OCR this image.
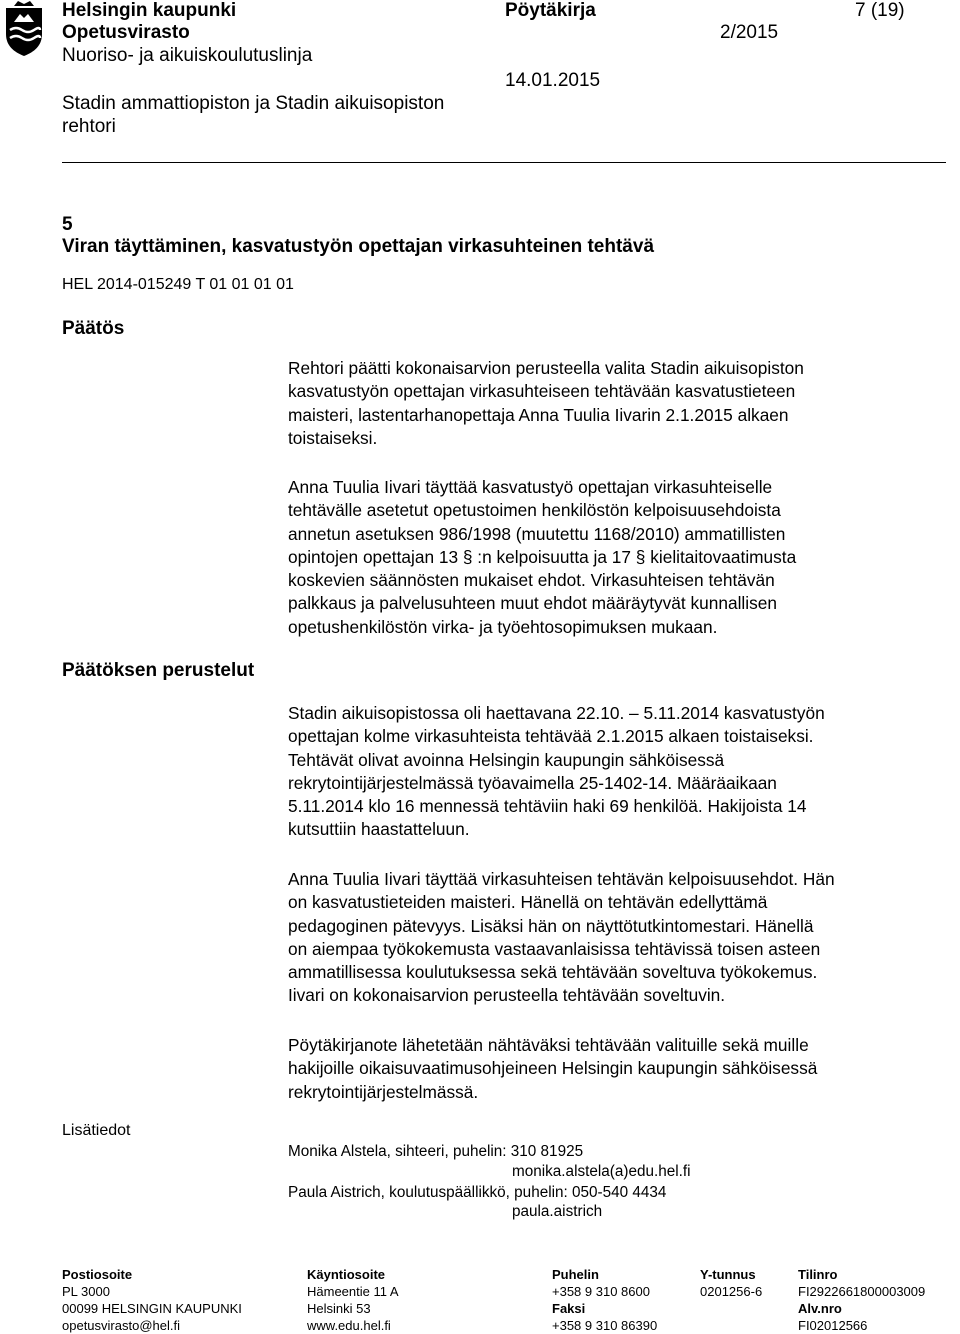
Helsingin kaupunki
Opetusvirasto
Nuoriso- ja aikuiskoulutuslinja
Stadin ammattiopiston ja Stadin aikuisopiston
rehtori
Pöytäkirja
2/2015
14.01.2015
7 (19)
5
Viran täyttäminen, kasvatustyön opettajan virkasuhteinen tehtävä
HEL 2014-015249 T 01 01 01 01
Päätös
Päätöksen perustelut
Lisätiedot

Rehtori päätti kokonaisarvion perusteella valita Stadin aikuisopiston
kasvatustyön opettajan virkasuhteiseen tehtävään kasvatustieteen
maisteri, lastentarhanopettaja Anna Tuulia Iivarin 2.1.2015 alkaen
toistaiseksi.

Anna Tuulia Iivari täyttää kasvatustyö opettajan virkasuhteiselle
tehtävälle asetetut opetustoimen henkilöstön kelpoisuusehdoista
annetun asetuksen 986/1998 (muutettu 1168/2010) ammatillisten
opintojen opettajan 13 § :n kelpoisuutta ja 17 § kielitaitovaatimusta
koskevien säännösten mukaiset ehdot. Virkasuhteisen tehtävän
palkkaus ja palvelusuhteen muut ehdot määräytyvät kunnallisen
opetushenkilöstön virka- ja työehtosopimuksen mukaan.

Stadin aikuisopistossa oli haettavana 22.10. – 5.11.2014 kasvatustyön
opettajan kolme virkasuhteista tehtävää 2.1.2015 alkaen toistaiseksi.
Tehtävät olivat avoinna Helsingin kaupungin sähköisessä
rekrytointijärjestelmässä työavaimella 25-1402-14. Määräaikaan
5.11.2014 klo 16 mennessä tehtäviin haki 69 henkilöä. Hakijoista 14
kutsuttiin haastatteluun.

Anna Tuulia Iivari täyttää virkasuhteisen tehtävän kelpoisuusehdot. Hän
on kasvatustieteiden maisteri. Hänellä on tehtävän edellyttämä
pedagoginen pätevyys. Lisäksi hän on näyttötutkintomestari. Hänellä
on aiempaa työkokemusta vastaavanlaisissa tehtävissä toisen asteen
ammatillisessa koulutuksessa sekä tehtävään soveltuva työkokemus.
Iivari on kokonaisarvion perusteella tehtävään soveltuvin.

Pöytäkirjanote lähetetään nähtäväksi tehtävään valituille sekä muille
hakijoille oikaisuvaatimusohjeineen Helsingin kaupungin sähköisessä
rekrytointijärjestelmässä.

Monika Alstela, sihteeri, puhelin: 310 81925
monika.alstela(a)edu.hel.fi
Paula Aistrich, koulutuspäällikkö, puhelin: 050-540 4434
paula.aistrich
Postiosoite
PL 3000
00099 HELSINGIN KAUPUNKI
opetusvirasto@hel.fi
Käyntiosoite
Hämeentie 11 A
Helsinki 53
www.edu.hel.fi
Puhelin
+358 9 310 8600
Faksi
+358 9 310 86390
Y-tunnus
0201256-6
Tilinro
FI2922661800003009
Alv.nro
FI02012566
